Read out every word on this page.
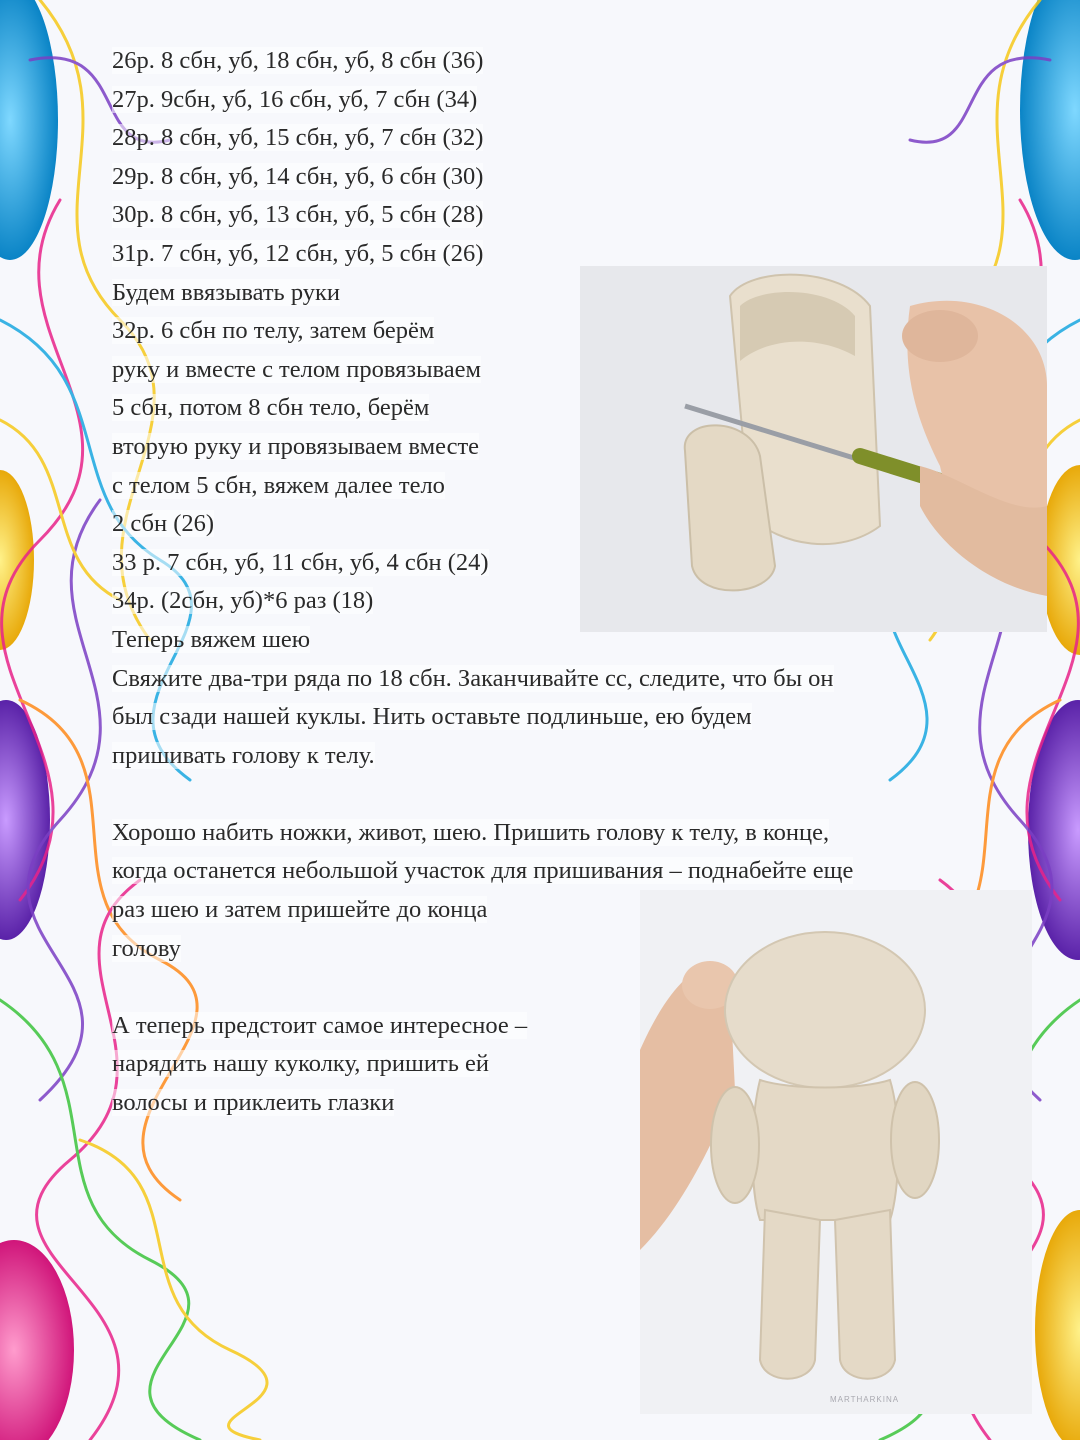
26р. 8 сбн, уб, 18 сбн, уб, 8 сбн (36)
27р. 9сбн, уб, 16 сбн, уб, 7 сбн (34)
28р. 8 сбн, уб, 15 сбн, уб, 7 сбн (32)
29р. 8 сбн, уб, 14 сбн, уб, 6 сбн (30)
30р. 8 сбн, уб, 13 сбн, уб, 5 сбн (28)
31р. 7 сбн, уб, 12 сбн, уб, 5 сбн (26)
Будем ввязывать руки
32р. 6 сбн по телу, затем берём
руку и вместе с телом провязываем
5 сбн, потом 8 сбн тело, берём
вторую руку и провязываем вместе
с телом 5 сбн, вяжем далее тело
2 сбн (26)
33 р. 7 сбн, уб, 11 сбн, уб, 4 сбн (24)
34р. (2сбн, уб)*6 раз (18)
Теперь вяжем шею
Свяжите два-три ряда по 18 сбн. Заканчивайте сс, следите, что бы он
был сзади нашей куклы. Нить оставьте подлиньше, ею будем
пришивать голову к телу.
Хорошо набить ножки, живот, шею. Пришить голову к телу, в конце,
когда останется небольшой участок для пришивания – поднабейте еще
раз шею и затем пришейте до конца
голову
А теперь предстоит самое интересное –
нарядить нашу куколку, пришить ей
волосы и приклеить глазки
MARTHARKINA
